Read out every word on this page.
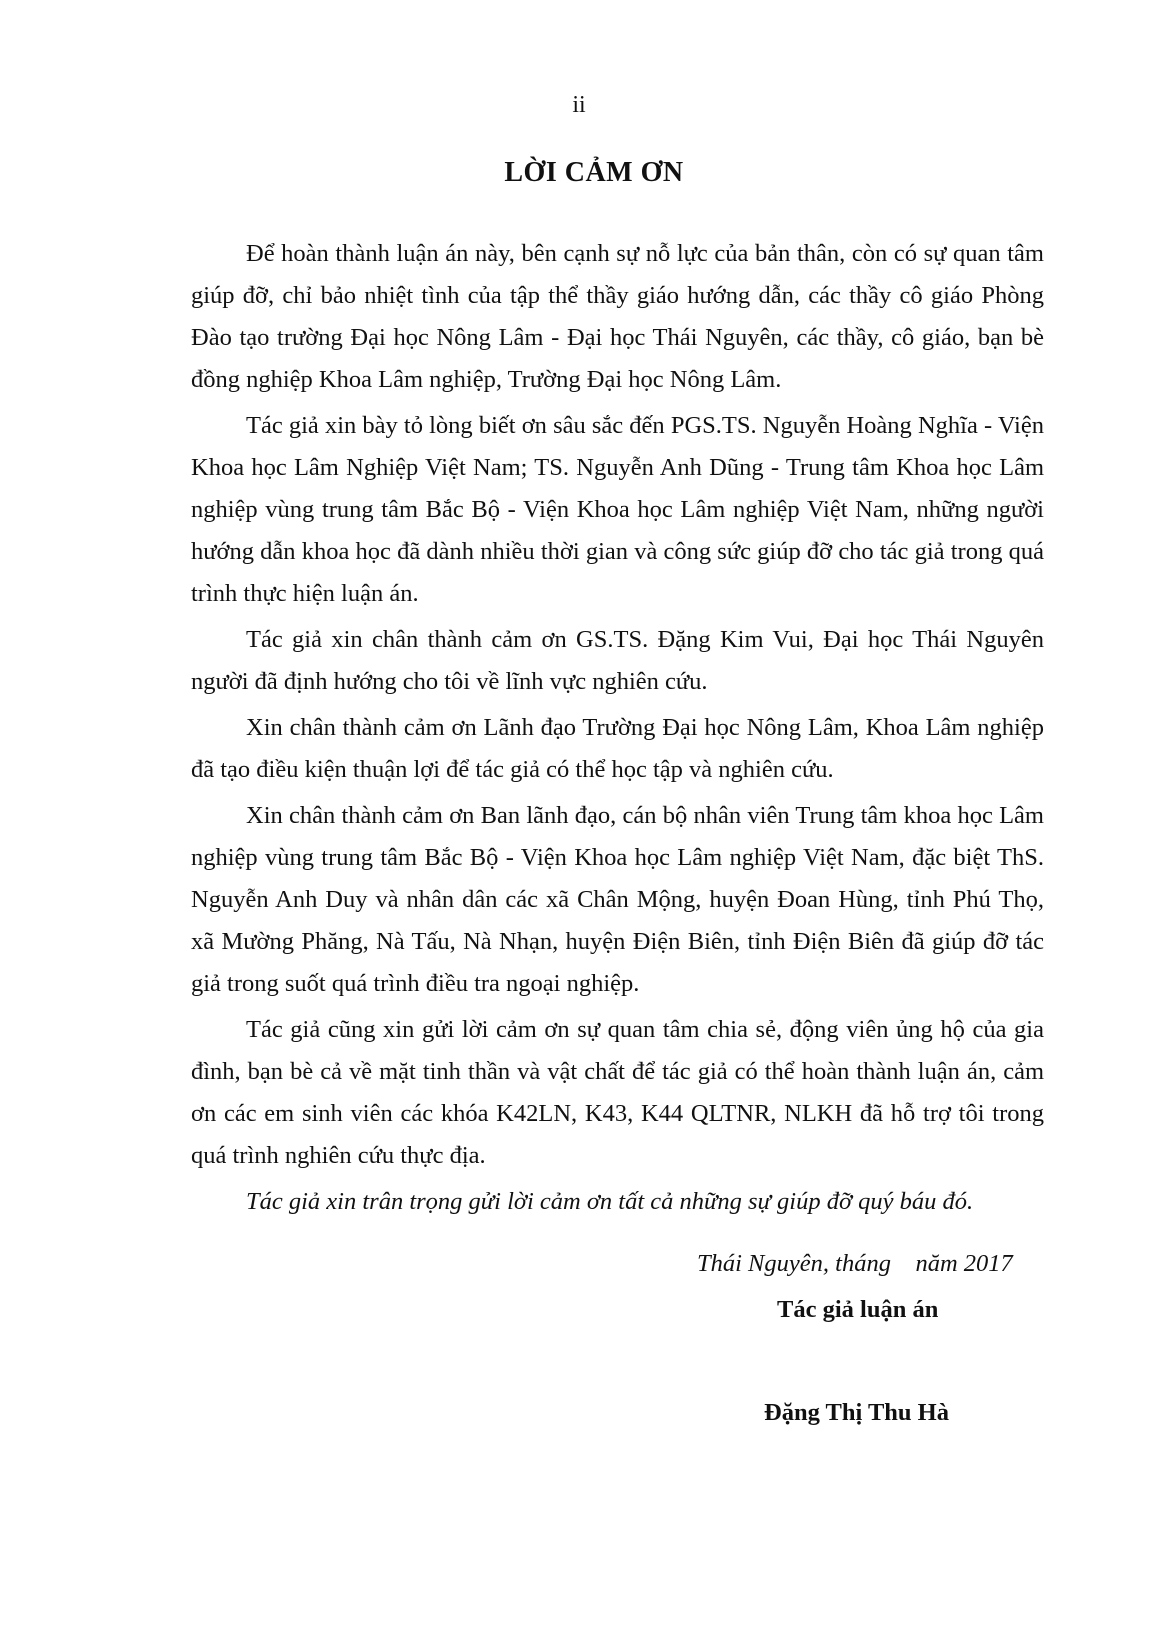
ii
LỜI CẢM ƠN

Để hoàn thành luận án này, bên cạnh sự nỗ lực của bản thân, còn có sự quan tâm giúp đỡ, chỉ bảo nhiệt tình của tập thể thầy giáo hướng dẫn, các thầy cô giáo Phòng Đào tạo trường Đại học Nông Lâm - Đại học Thái Nguyên, các thầy, cô giáo, bạn bè đồng nghiệp Khoa Lâm nghiệp, Trường Đại học Nông Lâm.

Tác giả xin bày tỏ lòng biết ơn sâu sắc đến PGS.TS. Nguyễn Hoàng Nghĩa - Viện Khoa học Lâm Nghiệp Việt Nam; TS. Nguyễn Anh Dũng - Trung tâm Khoa học Lâm nghiệp vùng trung tâm Bắc Bộ - Viện Khoa học Lâm nghiệp Việt Nam, những người hướng dẫn khoa học đã dành nhiều thời gian và công sức giúp đỡ cho tác giả trong quá trình thực hiện luận án.

Tác giả xin chân thành cảm ơn GS.TS. Đặng Kim Vui, Đại học Thái Nguyên người đã định hướng cho tôi về lĩnh vực nghiên cứu.

Xin chân thành cảm ơn Lãnh đạo Trường Đại học Nông Lâm, Khoa Lâm nghiệp đã tạo điều kiện thuận lợi để tác giả có thể học tập và nghiên cứu.

Xin chân thành cảm ơn Ban lãnh đạo, cán bộ nhân viên Trung tâm khoa học Lâm nghiệp vùng trung tâm Bắc Bộ - Viện Khoa học Lâm nghiệp Việt Nam, đặc biệt ThS. Nguyễn Anh Duy và nhân dân các xã Chân Mộng, huyện Đoan Hùng, tỉnh Phú Thọ, xã Mường Phăng, Nà Tấu, Nà Nhạn, huyện Điện Biên, tỉnh Điện Biên đã giúp đỡ tác giả trong suốt quá trình điều tra ngoại nghiệp.

Tác giả cũng xin gửi lời cảm ơn sự quan tâm chia sẻ, động viên ủng hộ của gia đình, bạn bè cả về mặt tinh thần và vật chất để tác giả có thể hoàn thành luận án, cảm ơn các em sinh viên các khóa K42LN, K43, K44 QLTNR, NLKH đã hỗ trợ tôi trong quá trình nghiên cứu thực địa.

Tác giả xin trân trọng gửi lời cảm ơn tất cả những sự giúp đỡ quý báu đó.

Thái Nguyên, tháng    năm 2017
Tác giả luận án
Đặng Thị Thu Hà
